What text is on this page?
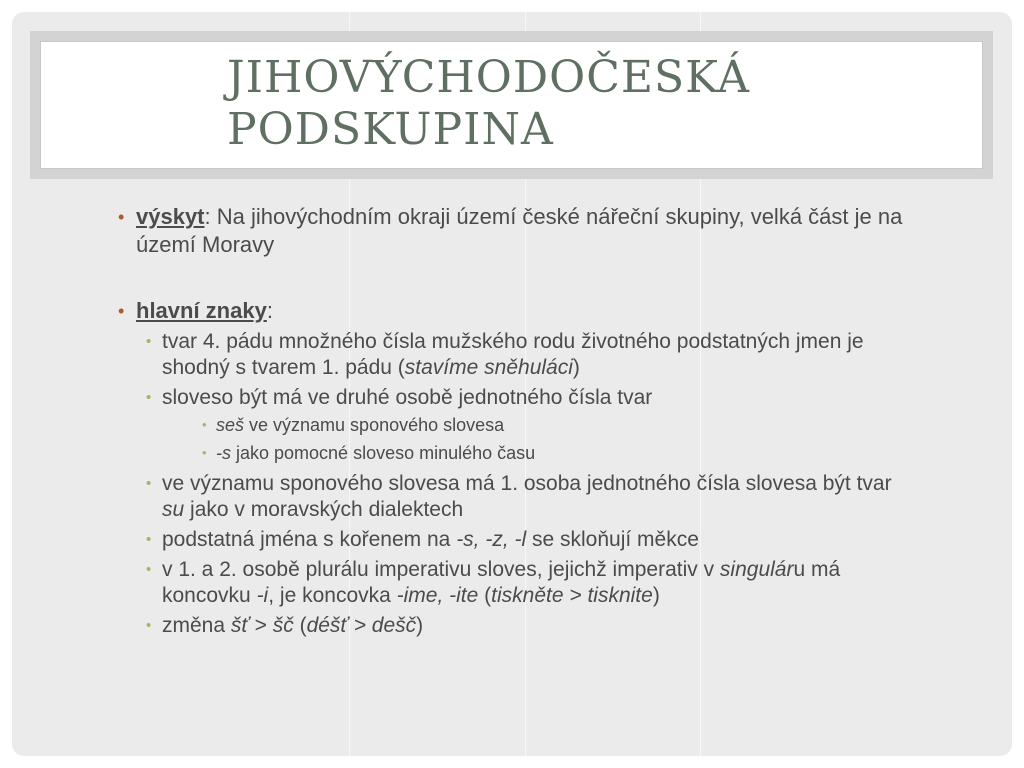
JIHOVÝCHODOČESKÁ
PODSKUPINA
• výskyt: Na jihovýchodním okraji území české nářeční skupiny, velká část je na území Moravy
• hlavní znaky:
• tvar 4. pádu množného čísla mužského rodu životného podstatných jmen je shodný s tvarem 1. pádu (stavíme sněhuláci)
• sloveso být má ve druhé osobě jednotného čísla tvar
• seš ve významu sponového slovesa
• -s jako pomocné sloveso minulého času
• ve významu sponového slovesa má 1. osoba jednotného čísla slovesa být tvar su jako v moravských dialektech
• podstatná jména s kořenem na -s, -z, -l se skloňují měkce
• v 1. a 2. osobě plurálu imperativu sloves, jejichž imperativ v singuláru má koncovku -i, je koncovka -ime, -ite (tiskněte > tisknite)
• změna šť > šč (déšť > dešč)
